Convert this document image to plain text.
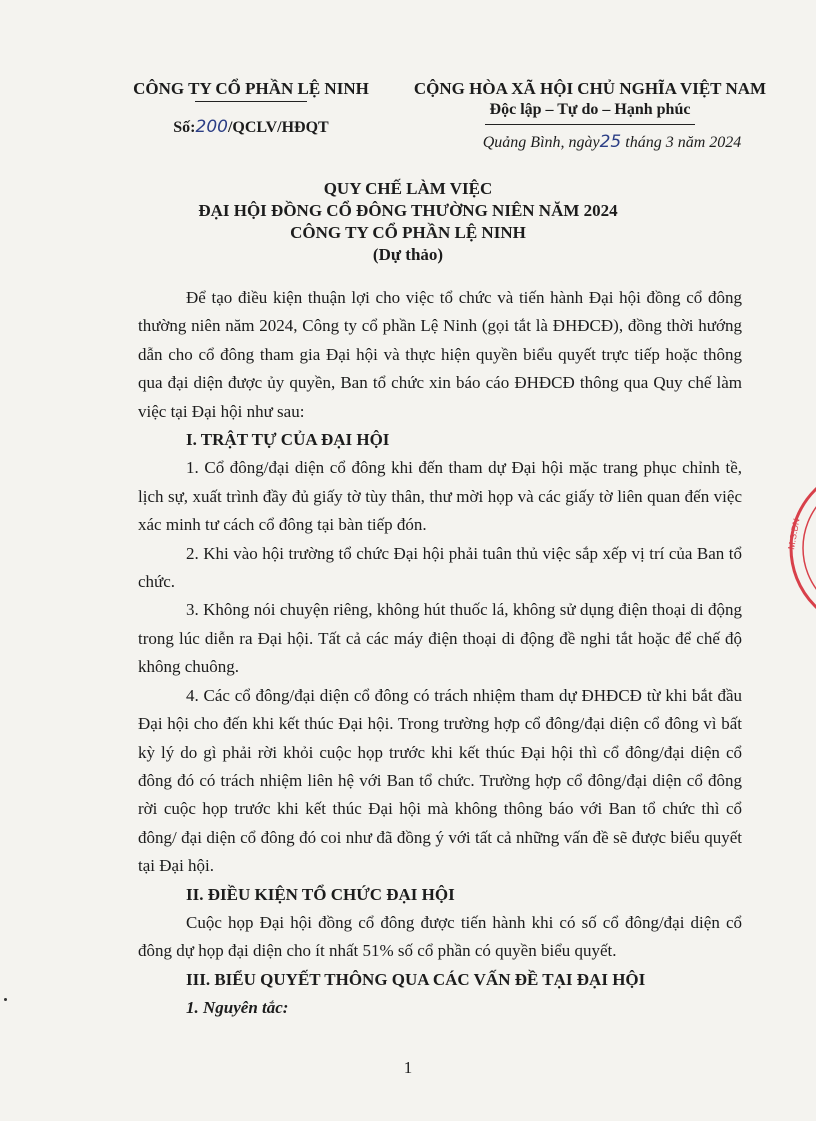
CÔNG TY CỔ PHẦN LỆ NINH
Số:200/QCLV/HĐQT
CỘNG HÒA XÃ HỘI CHỦ NGHĨA VIỆT NAM
Độc lập – Tự do – Hạnh phúc
Quảng Bình, ngày25 tháng 3 năm 2024
QUY CHẾ LÀM VIỆC
ĐẠI HỘI ĐỒNG CỔ ĐÔNG THƯỜNG NIÊN NĂM 2024
CÔNG TY CỔ PHẦN LỆ NINH
(Dự thảo)

Để tạo điều kiện thuận lợi cho việc tổ chức và tiến hành Đại hội đồng cổ đông thường niên năm 2024, Công ty cổ phần Lệ Ninh (gọi tắt là ĐHĐCĐ), đồng thời hướng dẫn cho cổ đông tham gia Đại hội và thực hiện quyền biểu quyết trực tiếp hoặc thông qua đại diện được ủy quyền, Ban tổ chức xin báo cáo ĐHĐCĐ thông qua Quy chế làm việc tại Đại hội như sau:

I. TRẬT TỰ CỦA ĐẠI HỘI

1. Cổ đông/đại diện cổ đông khi đến tham dự Đại hội mặc trang phục chỉnh tề, lịch sự, xuất trình đầy đủ giấy tờ tùy thân, thư mời họp và các giấy tờ liên quan đến việc xác minh tư cách cổ đông tại bàn tiếp đón.

2. Khi vào hội trường tổ chức Đại hội phải tuân thủ việc sắp xếp vị trí của Ban tổ chức.

3. Không nói chuyện riêng, không hút thuốc lá, không sử dụng điện thoại di động trong lúc diễn ra Đại hội. Tất cả các máy điện thoại di động đề nghi tắt hoặc để chế độ không chuông.

4. Các cổ đông/đại diện cổ đông có trách nhiệm tham dự ĐHĐCĐ từ khi bắt đầu Đại hội cho đến khi kết thúc Đại hội. Trong trường hợp cổ đông/đại diện cổ đông vì bất kỳ lý do gì phải rời khỏi cuộc họp trước khi kết thúc Đại hội thì cổ đông/đại diện cổ đông đó có trách nhiệm liên hệ với Ban tổ chức. Trường hợp cổ đông/đại diện cổ đông rời cuộc họp trước khi kết thúc Đại hội mà không thông báo với Ban tổ chức thì cổ đông/ đại diện cổ đông đó coi như đã đồng ý với tất cả những vấn đề sẽ được biểu quyết tại Đại hội.

II. ĐIỀU KIỆN TỔ CHỨC ĐẠI HỘI

Cuộc họp Đại hội đồng cổ đông được tiến hành khi có số cổ đông/đại diện cổ đông dự họp đại diện cho ít nhất 51% số cổ phần có quyền biểu quyết.

III. BIỂU QUYẾT THÔNG QUA CÁC VẤN ĐỀ TẠI ĐẠI HỘI

1. Nguyên tắc:

M.S.DN
1
